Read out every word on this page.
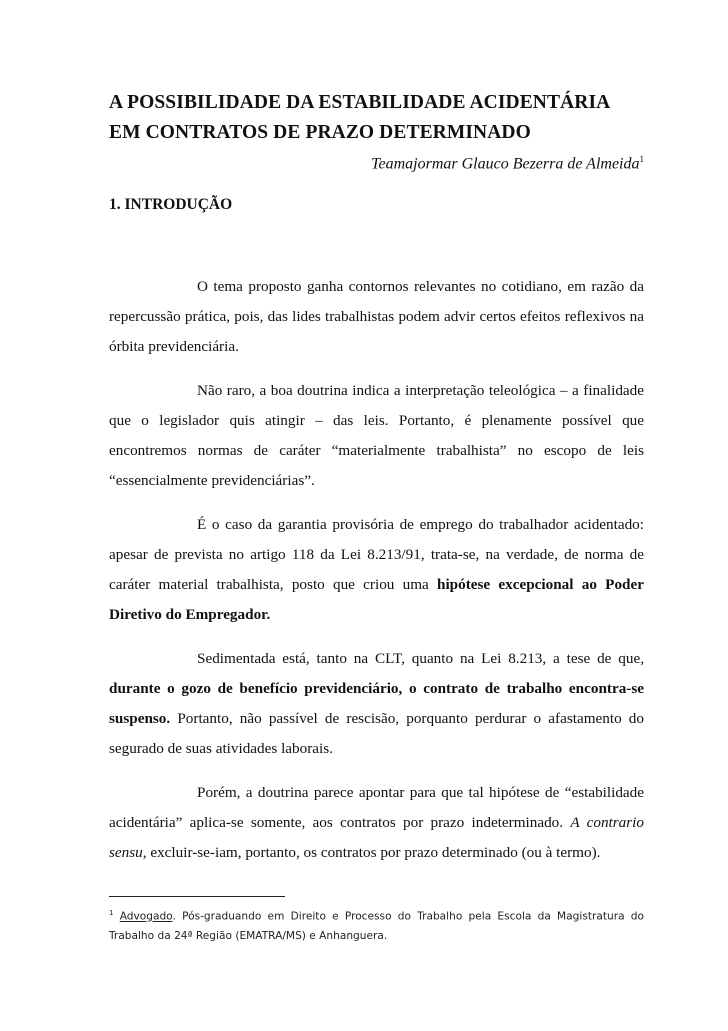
A POSSIBILIDADE DA ESTABILIDADE ACIDENTÁRIA EM CONTRATOS DE PRAZO DETERMINADO
Teamajormar Glauco Bezerra de Almeida$^1$
1. INTRODUÇÃO

O tema proposto ganha contornos relevantes no cotidiano, em razão da repercussão prática, pois, das lides trabalhistas podem advir certos efeitos reflexivos na órbita previdenciária.

Não raro, a boa doutrina indica a interpretação teleológica – a finalidade que o legislador quis atingir – das leis. Portanto, é plenamente possível que encontremos normas de caráter “materialmente trabalhista” no escopo de leis “essencialmente previdenciárias”.

É o caso da garantia provisória de emprego do trabalhador acidentado: apesar de prevista no artigo 118 da Lei 8.213/91, trata-se, na verdade, de norma de caráter material trabalhista, posto que criou uma hipótese excepcional ao Poder Diretivo do Empregador.

Sedimentada está, tanto na CLT, quanto na Lei 8.213, a tese de que, durante o gozo de benefício previdenciário, o contrato de trabalho encontra-se suspenso. Portanto, não passível de rescisão, porquanto perdurar o afastamento do segurado de suas atividades laborais.

Porém, a doutrina parece apontar para que tal hipótese de “estabilidade acidentária” aplica-se somente, aos contratos por prazo indeterminado. A contrario sensu, excluir-se-iam, portanto, os contratos por prazo determinado (ou à termo).

$^1$ Advogado. Pós-graduando em Direito e Processo do Trabalho pela Escola da Magistratura do Trabalho da 24ª Região (EMATRA/MS) e Anhanguera.
